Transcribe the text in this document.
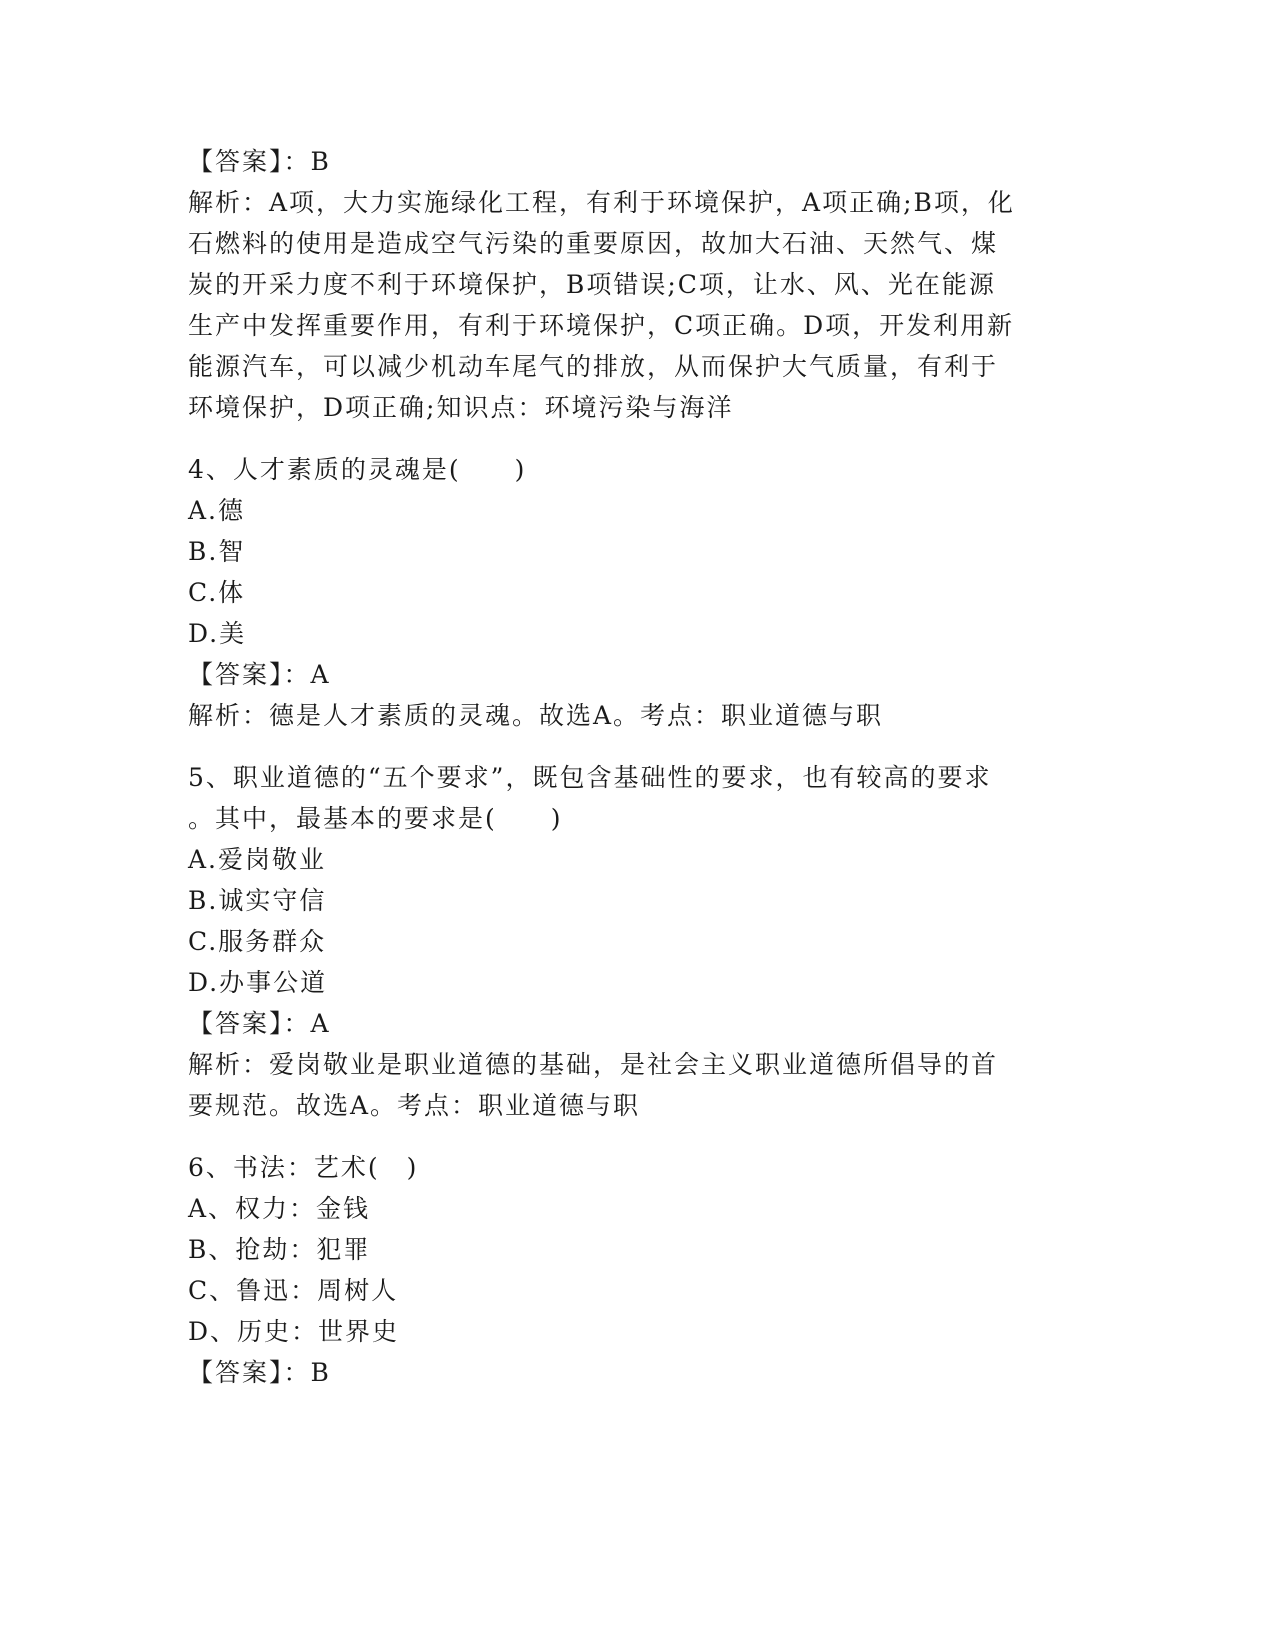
【答案】：B
解析：A项，大力实施绿化工程，有利于环境保护，A项正确;B项，化
石燃料的使用是造成空气污染的重要原因，故加大石油、天然气、煤
炭的开采力度不利于环境保护，B项错误;C项，让水、风、光在能源
生产中发挥重要作用，有利于环境保护，C项正确。D项，开发利用新
能源汽车，可以减少机动车尾气的排放，从而保护大气质量，有利于
环境保护，D项正确;知识点：环境污染与海洋
4、人才素质的灵魂是(　　)
A.德
B.智
C.体
D.美
【答案】：A
解析：德是人才素质的灵魂。故选A。考点：职业道德与职
5、职业道德的“五个要求”，既包含基础性的要求，也有较高的要求
。其中，最基本的要求是(　　)
A.爱岗敬业
B.诚实守信
C.服务群众
D.办事公道
【答案】：A
解析：爱岗敬业是职业道德的基础，是社会主义职业道德所倡导的首
要规范。故选A。考点：职业道德与职
6、书法：艺术(　)
A、权力：金钱
B、抢劫：犯罪
C、鲁迅：周树人
D、历史：世界史
【答案】：B
